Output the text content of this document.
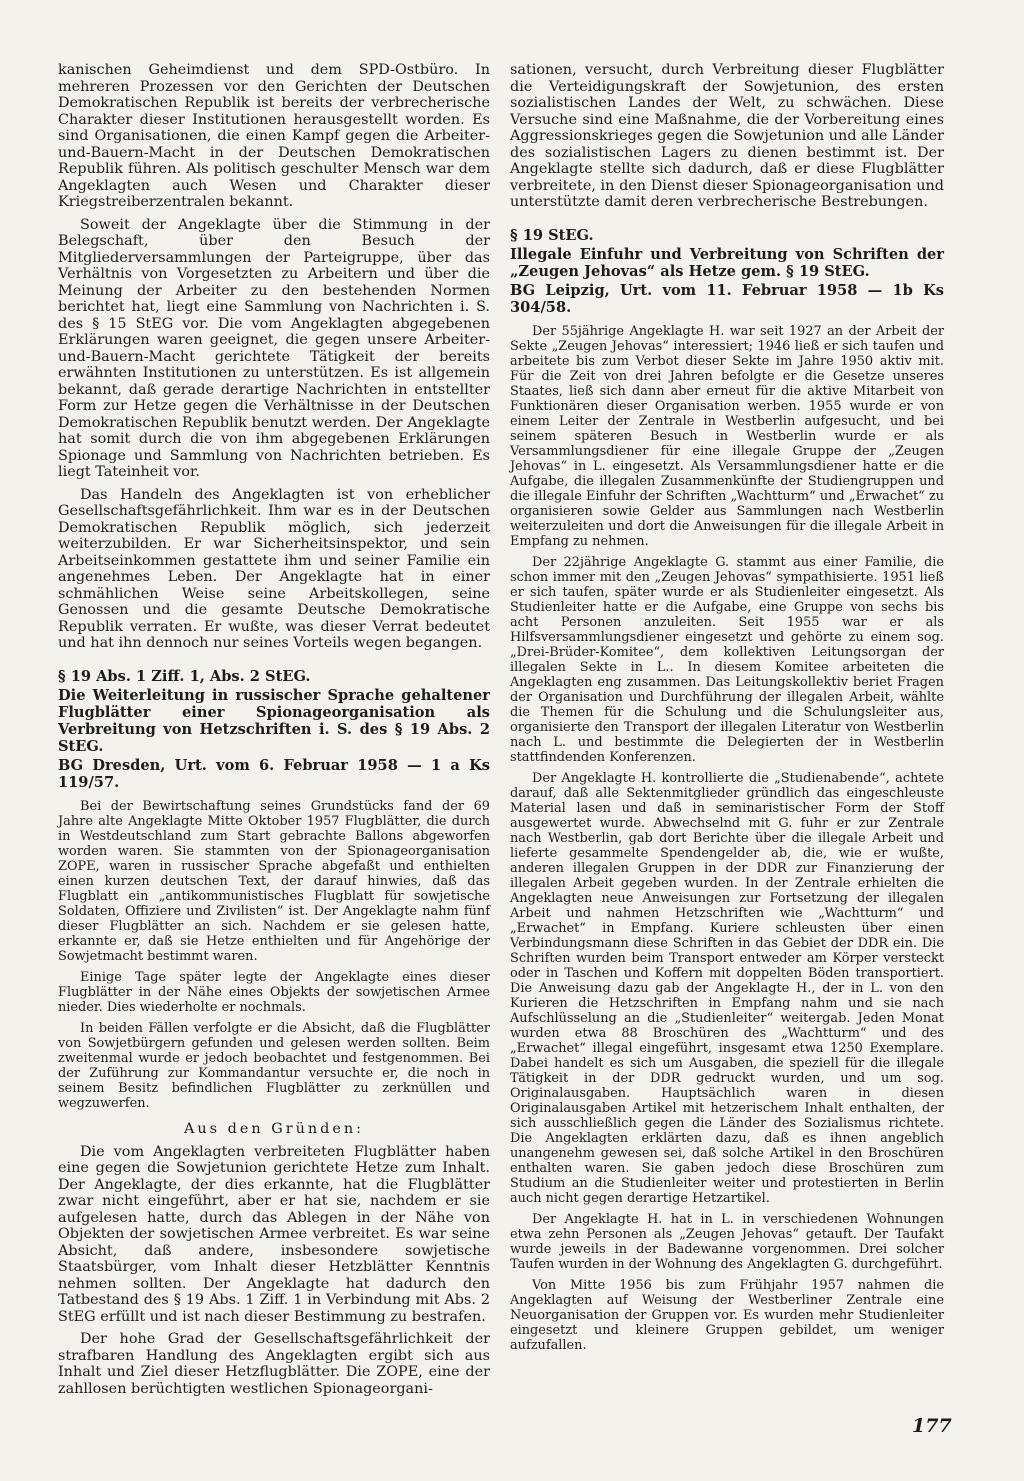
kanischen Geheimdienst und dem SPD-Ostbüro. In mehreren Prozessen vor den Gerichten der Deutschen Demokratischen Republik ist bereits der verbrecherische Charakter dieser Institutionen herausgestellt worden. Es sind Organisationen, die einen Kampf gegen die Arbeiter-und-Bauern-Macht in der Deutschen Demokratischen Republik führen. Als politisch geschulter Mensch war dem Angeklagten auch Wesen und Charakter dieser Kriegstreiberzentralen bekannt.

Soweit der Angeklagte über die Stimmung in der Belegschaft, über den Besuch der Mitgliederversammlungen der Parteigruppe, über das Verhältnis von Vorgesetzten zu Arbeitern und über die Meinung der Arbeiter zu den bestehenden Normen berichtet hat, liegt eine Sammlung von Nachrichten i. S. des § 15 StEG vor. Die vom Angeklagten abgegebenen Erklärungen waren geeignet, die gegen unsere Arbeiter-und-Bauern-Macht gerichtete Tätigkeit der bereits erwähnten Institutionen zu unterstützen. Es ist allgemein bekannt, daß gerade derartige Nachrichten in entstellter Form zur Hetze gegen die Verhältnisse in der Deutschen Demokratischen Republik benutzt werden. Der Angeklagte hat somit durch die von ihm abgegebenen Erklärungen Spionage und Sammlung von Nachrichten betrieben. Es liegt Tateinheit vor.

Das Handeln des Angeklagten ist von erheblicher Gesellschaftsgefährlichkeit. Ihm war es in der Deutschen Demokratischen Republik möglich, sich jederzeit weiterzubilden. Er war Sicherheitsinspektor, und sein Arbeitseinkommen gestattete ihm und seiner Familie ein angenehmes Leben. Der Angeklagte hat in einer schmählichen Weise seine Arbeitskollegen, seine Genossen und die gesamte Deutsche Demokratische Republik verraten. Er wußte, was dieser Verrat bedeutet und hat ihn dennoch nur seines Vorteils wegen begangen.

§ 19 Abs. 1 Ziff. 1, Abs. 2 StEG.
Die Weiterleitung in russischer Sprache gehaltener Flugblätter einer Spionageorganisation als Verbreitung von Hetzschriften i. S. des § 19 Abs. 2 StEG.
BG Dresden, Urt. vom 6. Februar 1958 — 1 a Ks 119/57.

Bei der Bewirtschaftung seines Grundstücks fand der 69 Jahre alte Angeklagte Mitte Oktober 1957 Flugblätter, die durch in Westdeutschland zum Start gebrachte Ballons abgeworfen worden waren. Sie stammten von der Spionageorganisation ZOPE, waren in russischer Sprache abgefaßt und enthielten einen kurzen deutschen Text, der darauf hinwies, daß das Flugblatt ein „antikommunistisches Flugblatt für sowjetische Soldaten, Offiziere und Zivilisten“ ist. Der Angeklagte nahm fünf dieser Flugblätter an sich. Nachdem er sie gelesen hatte, erkannte er, daß sie Hetze enthielten und für Angehörige der Sowjetmacht bestimmt waren.

Einige Tage später legte der Angeklagte eines dieser Flugblätter in der Nähe eines Objekts der sowjetischen Armee nieder. Dies wiederholte er nochmals.

In beiden Fällen verfolgte er die Absicht, daß die Flugblätter von Sowjetbürgern gefunden und gelesen werden sollten. Beim zweitenmal wurde er jedoch beobachtet und festgenommen. Bei der Zuführung zur Kommandantur versuchte er, die noch in seinem Besitz befindlichen Flugblätter zu zerknüllen und wegzuwerfen.

Aus den Gründen:

Die vom Angeklagten verbreiteten Flugblätter haben eine gegen die Sowjetunion gerichtete Hetze zum Inhalt. Der Angeklagte, der dies erkannte, hat die Flugblätter zwar nicht eingeführt, aber er hat sie, nachdem er sie aufgelesen hatte, durch das Ablegen in der Nähe von Objekten der sowjetischen Armee verbreitet. Es war seine Absicht, daß andere, insbesondere sowjetische Staatsbürger, vom Inhalt dieser Hetzblätter Kenntnis nehmen sollten. Der Angeklagte hat dadurch den Tatbestand des § 19 Abs. 1 Ziff. 1 in Verbindung mit Abs. 2 StEG erfüllt und ist nach dieser Bestimmung zu bestrafen.

Der hohe Grad der Gesellschaftsgefährlichkeit der strafbaren Handlung des Angeklagten ergibt sich aus Inhalt und Ziel dieser Hetzflugblätter. Die ZOPE, eine der zahllosen berüchtigten westlichen Spionageorgani-

sationen, versucht, durch Verbreitung dieser Flugblätter die Verteidigungskraft der Sowjetunion, des ersten sozialistischen Landes der Welt, zu schwächen. Diese Versuche sind eine Maßnahme, die der Vorbereitung eines Aggressionskrieges gegen die Sowjetunion und alle Länder des sozialistischen Lagers zu dienen bestimmt ist. Der Angeklagte stellte sich dadurch, daß er diese Flugblätter verbreitete, in den Dienst dieser Spionageorganisation und unterstützte damit deren verbrecherische Bestrebungen.

§ 19 StEG.
Illegale Einfuhr und Verbreitung von Schriften der „Zeugen Jehovas“ als Hetze gem. § 19 StEG.
BG Leipzig, Urt. vom 11. Februar 1958 — 1b Ks 304/58.

Der 55jährige Angeklagte H. war seit 1927 an der Arbeit der Sekte „Zeugen Jehovas“ interessiert; 1946 ließ er sich taufen und arbeitete bis zum Verbot dieser Sekte im Jahre 1950 aktiv mit. Für die Zeit von drei Jahren befolgte er die Gesetze unseres Staates, ließ sich dann aber erneut für die aktive Mitarbeit von Funktionären dieser Organisation werben. 1955 wurde er von einem Leiter der Zentrale in Westberlin aufgesucht, und bei seinem späteren Besuch in Westberlin wurde er als Versammlungsdiener für eine illegale Gruppe der „Zeugen Jehovas“ in L. eingesetzt. Als Versammlungsdiener hatte er die Aufgabe, die illegalen Zusammenkünfte der Studiengruppen und die illegale Einfuhr der Schriften „Wachtturm“ und „Erwachet“ zu organisieren sowie Gelder aus Sammlungen nach Westberlin weiterzuleiten und dort die Anweisungen für die illegale Arbeit in Empfang zu nehmen.

Der 22jährige Angeklagte G. stammt aus einer Familie, die schon immer mit den „Zeugen Jehovas“ sympathisierte. 1951 ließ er sich taufen, später wurde er als Studienleiter eingesetzt. Als Studienleiter hatte er die Aufgabe, eine Gruppe von sechs bis acht Personen anzuleiten. Seit 1955 war er als Hilfsversammlungsdiener eingesetzt und gehörte zu einem sog. „Drei-Brüder-Komitee“, dem kollektiven Leitungsorgan der illegalen Sekte in L.. In diesem Komitee arbeiteten die Angeklagten eng zusammen. Das Leitungskollektiv beriet Fragen der Organisation und Durchführung der illegalen Arbeit, wählte die Themen für die Schulung und die Schulungsleiter aus, organisierte den Transport der illegalen Literatur von Westberlin nach L. und bestimmte die Delegierten der in Westberlin stattfindenden Konferenzen.

Der Angeklagte H. kontrollierte die „Studienabende“, achtete darauf, daß alle Sektenmitglieder gründlich das eingeschleuste Material lasen und daß in seminaristischer Form der Stoff ausgewertet wurde. Abwechselnd mit G. fuhr er zur Zentrale nach Westberlin, gab dort Berichte über die illegale Arbeit und lieferte gesammelte Spendengelder ab, die, wie er wußte, anderen illegalen Gruppen in der DDR zur Finanzierung der illegalen Arbeit gegeben wurden. In der Zentrale erhielten die Angeklagten neue Anweisungen zur Fortsetzung der illegalen Arbeit und nahmen Hetzschriften wie „Wachtturm“ und „Erwachet“ in Empfang. Kuriere schleusten über einen Verbindungsmann diese Schriften in das Gebiet der DDR ein. Die Schriften wurden beim Transport entweder am Körper versteckt oder in Taschen und Koffern mit doppelten Böden transportiert. Die Anweisung dazu gab der Angeklagte H., der in L. von den Kurieren die Hetzschriften in Empfang nahm und sie nach Aufschlüsselung an die „Studienleiter“ weitergab. Jeden Monat wurden etwa 88 Broschüren des „Wachtturm“ und des „Erwachet“ illegal eingeführt, insgesamt etwa 1250 Exemplare. Dabei handelt es sich um Ausgaben, die speziell für die illegale Tätigkeit in der DDR gedruckt wurden, und um sog. Originalausgaben. Hauptsächlich waren in diesen Originalausgaben Artikel mit hetzerischem Inhalt enthalten, der sich ausschließlich gegen die Länder des Sozialismus richtete. Die Angeklagten erklärten dazu, daß es ihnen angeblich unangenehm gewesen sei, daß solche Artikel in den Broschüren enthalten waren. Sie gaben jedoch diese Broschüren zum Studium an die Studienleiter weiter und protestierten in Berlin auch nicht gegen derartige Hetzartikel.

Der Angeklagte H. hat in L. in verschiedenen Wohnungen etwa zehn Personen als „Zeugen Jehovas“ getauft. Der Taufakt wurde jeweils in der Badewanne vorgenommen. Drei solcher Taufen wurden in der Wohnung des Angeklagten G. durchgeführt.

Von Mitte 1956 bis zum Frühjahr 1957 nahmen die Angeklagten auf Weisung der Westberliner Zentrale eine Neuorganisation der Gruppen vor. Es wurden mehr Studienleiter eingesetzt und kleinere Gruppen gebildet, um weniger aufzufallen.

177
